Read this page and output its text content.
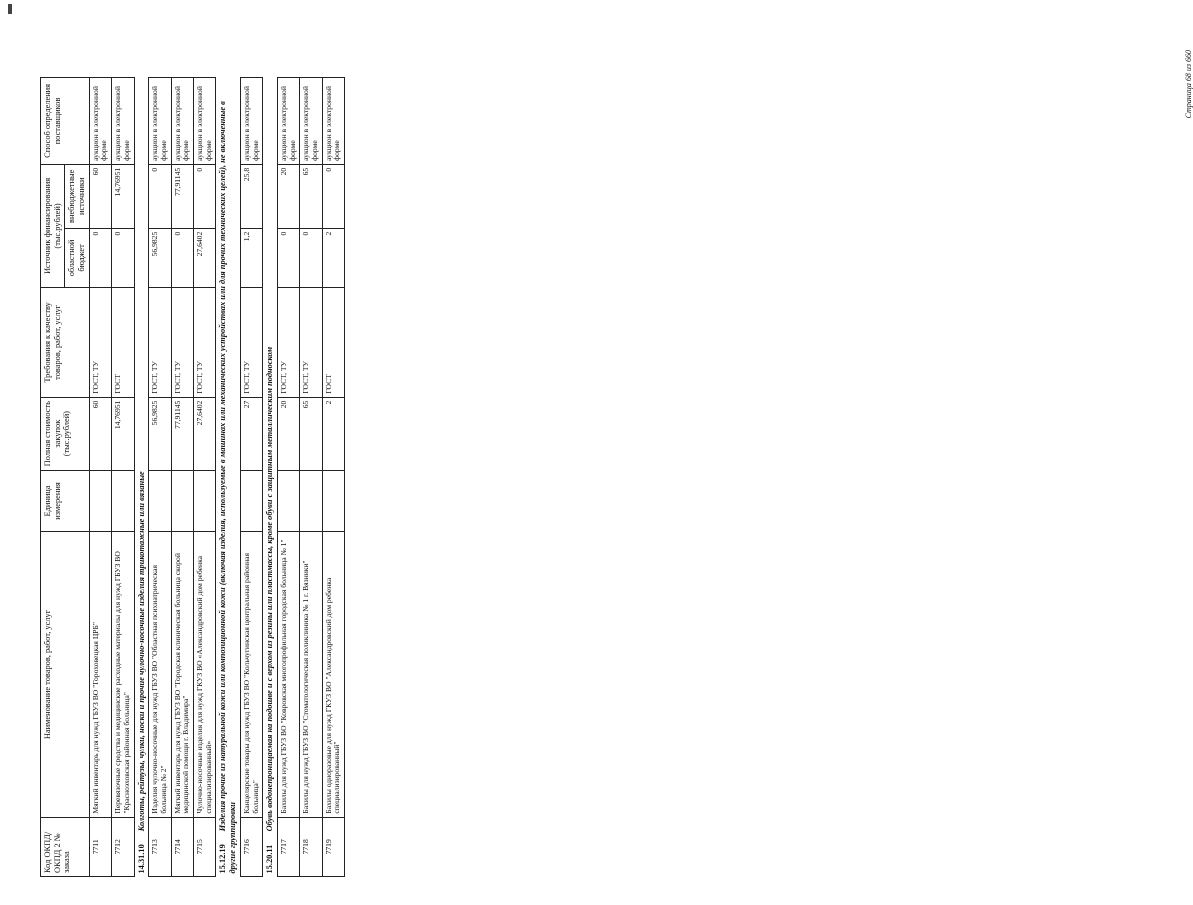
Код ОКПД/ ОКПД 2 № заказа	Наименование товаров, работ, услуг	Единица измерения	Полная стоимость закупок (тыс.рублей)	Требования к качеству товаров, работ, услуг	Источник финансирования (тыс.рублей)		Способ определения поставщиков
					областной бюджет	внебюджетные источники	
7711	Мягкий инвентарь для нужд ГБУЗ ВО "Гороховецкая ЦРБ"		60	ГОСТ, ТУ	0	60	аукцион в электронной форме
7712	Перевязочные средства и медицинские расходные материалы для нужд ГБУЗ ВО "Красноэховская районная больница"		14,76951	ГОСТ	0	14,76951	аукцион в электронной форме
14.31.10 Колготы, рейтузы, чулки, носки и прочие чулочно-носочные изделия трикотажные или вязаные							
7713	Изделия чулочно-носочные для нужд ГБУЗ ВО "Областная психиатрическая больница № 2"		56,9825	ГОСТ, ТУ	56,9825	0	аукцион в электронной форме
7714	Мягкий инвентарь для нужд ГБУЗ ВО "Городская клиническая больница скорой медицинской помощи г. Владимира"		77,91145	ГОСТ, ТУ	0	77,91145	аукцион в электронной форме
7715	Чулочно-носочные изделия для нужд ГКУЗ ВО «Александровский дом ребенка специализированный»		27,6402	ГОСТ, ТУ	27,6402	0	аукцион в электронной форме
15.12.19 Изделия прочие из натуральной кожи или композиционной кожи (включая изделия, используемые в машинах или механических устройствах или для прочих технических целей), не включенные в другие группировки							
7716	Канцелярские товары для нужд ГБУЗ ВО "Кольчугинская центральная районная больница"		27	ГОСТ, ТУ	1,2	25,8	аукцион в электронной форме
15.20.11 Обувь водонепроницаемая на подошве и с верхом из резины или пластмассы, кроме обуви с защитным металлическим подноском							
7717	Бахилы для нужд ГБУЗ ВО "Ковровская многопрофильная городская больница № 1"		20	ГОСТ, ТУ	0	20	аукцион в электронной форме
7718	Бахилы для нужд ГБУЗ ВО "Стоматологическая поликлиника № 1 г. Вязники"		65	ГОСТ, ТУ	0	65	аукцион в электронной форме
7719	Бахилы одноразовые для нужд ГКУЗ ВО "Александровский дом ребенка специализированный"		2	ГОСТ	2	0	аукцион в электронной форме
Страница 68 из 660
